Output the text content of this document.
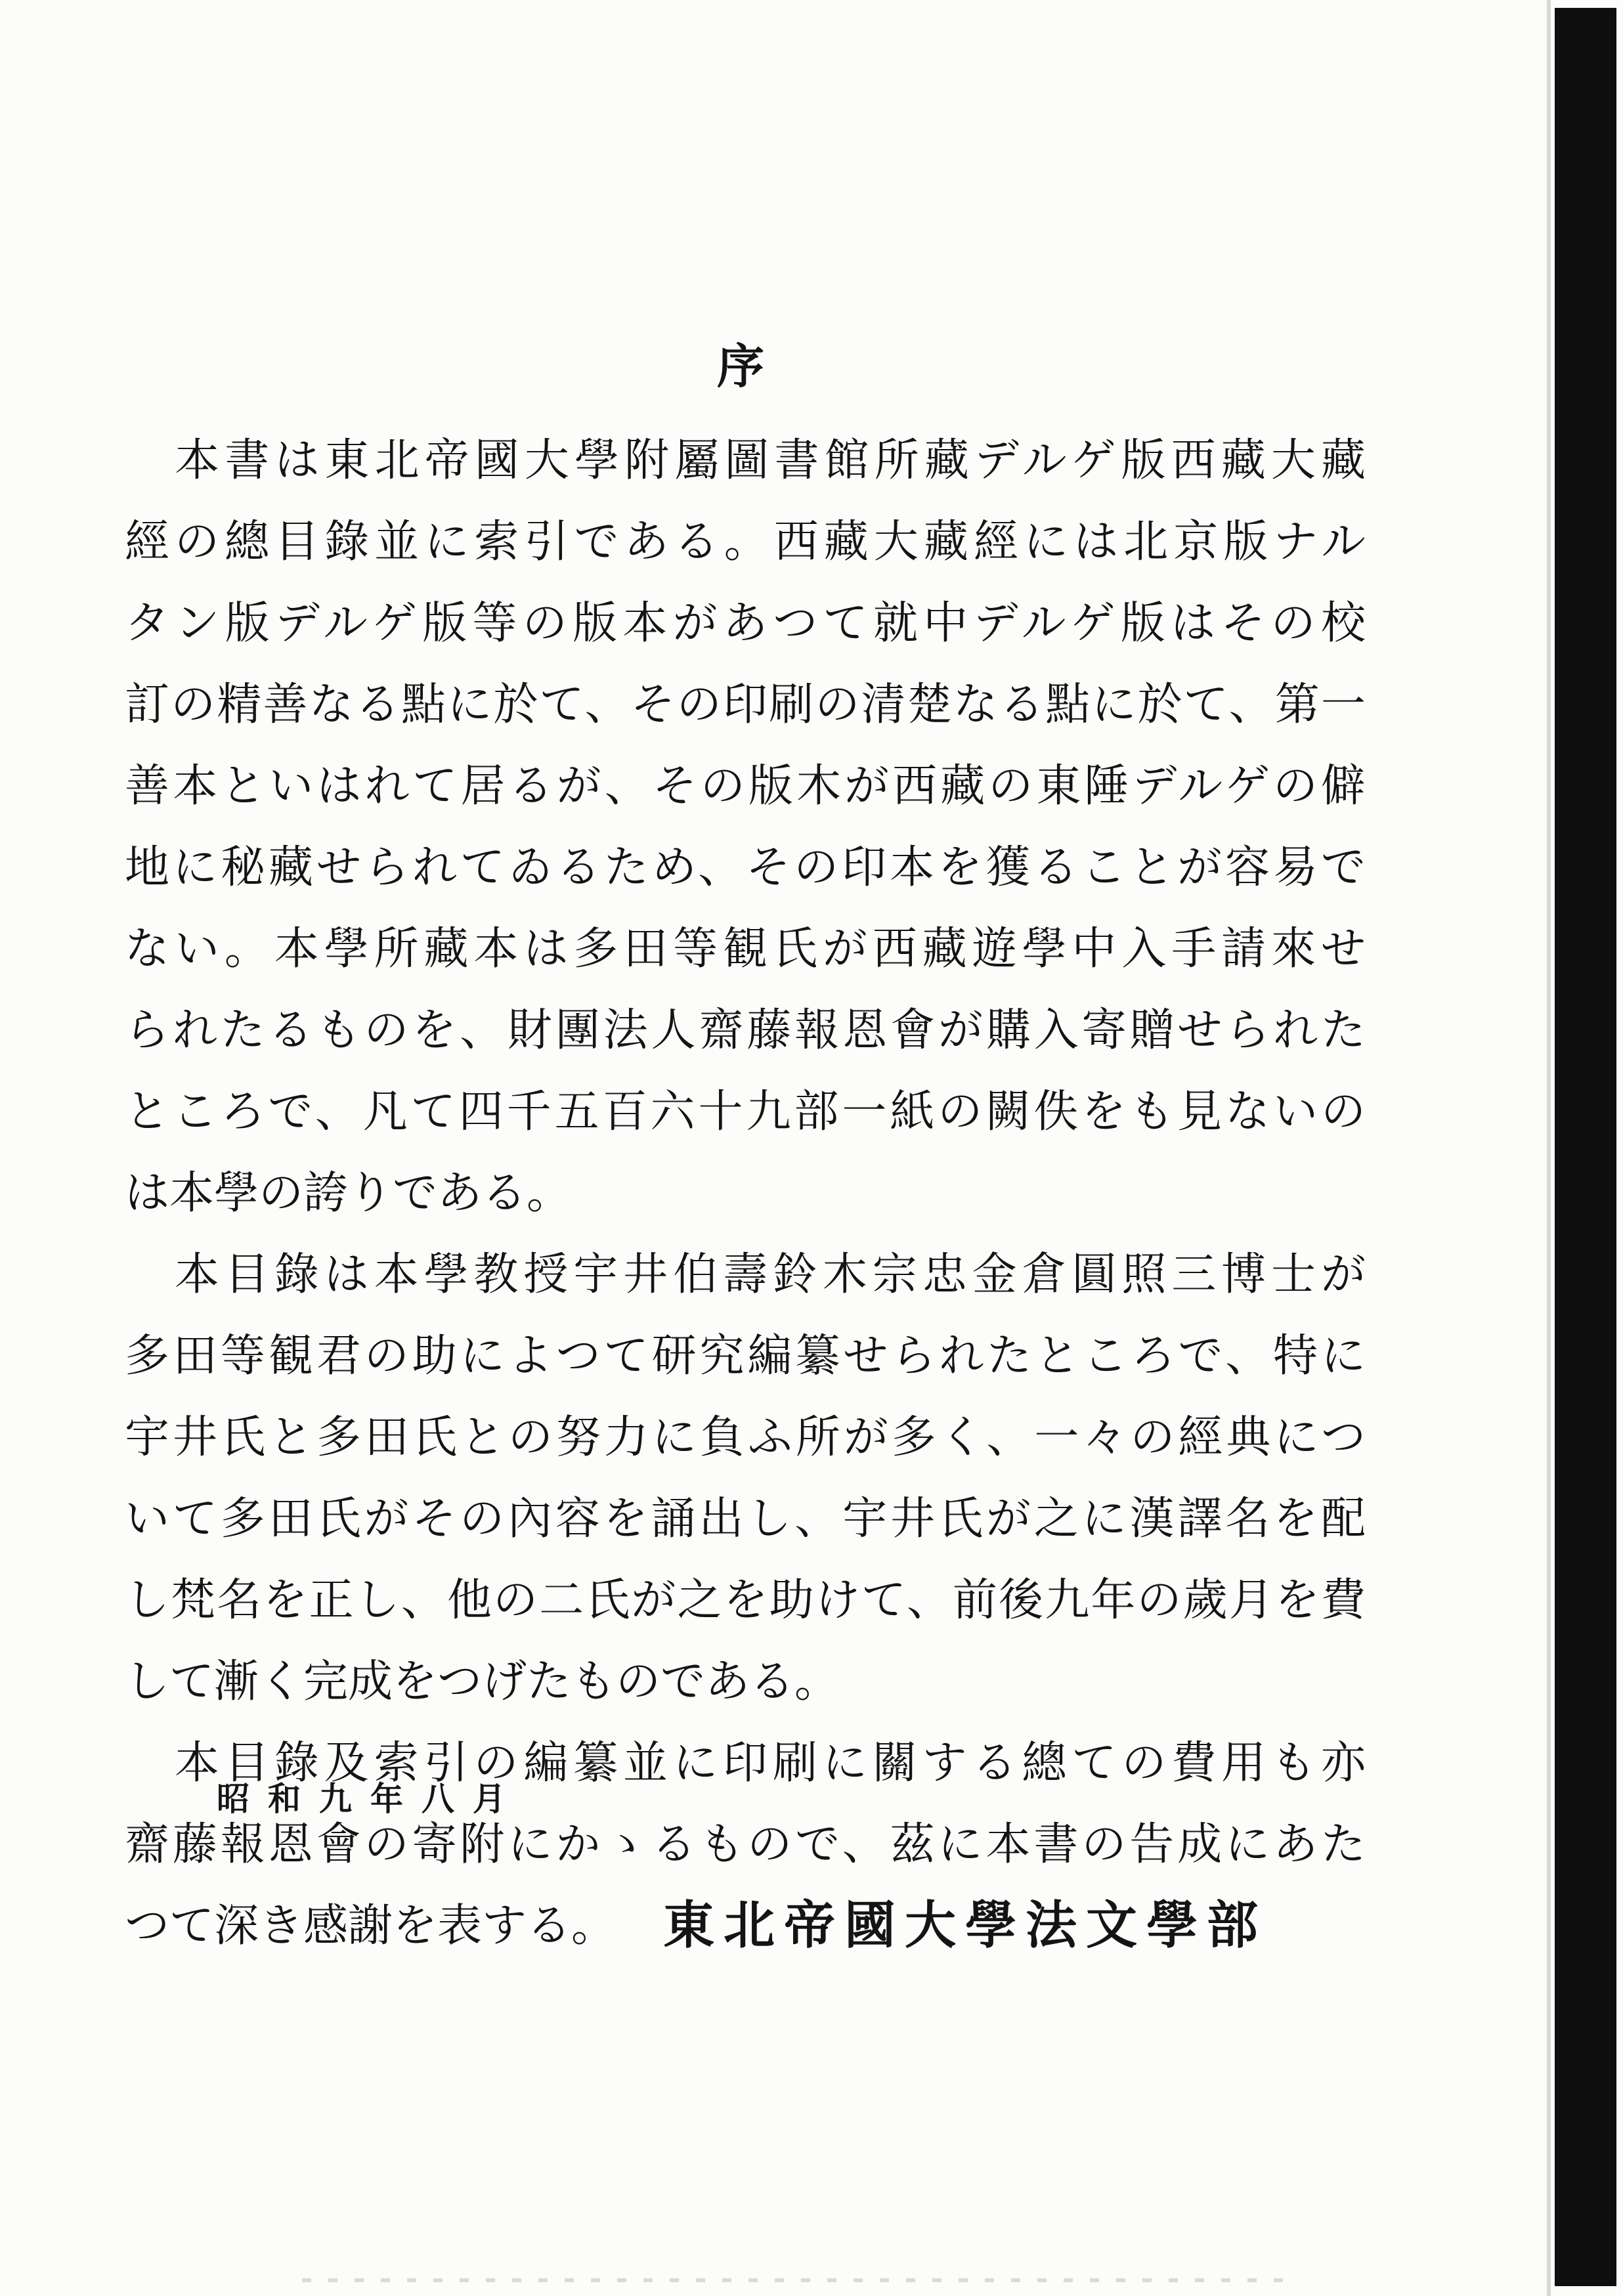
序
　本書は東北帝國大學附屬圖書館所藏デルゲ版西藏大藏
經の總目錄並に索引である。西藏大藏經には北京版ナル
タン版デルゲ版等の版本があつて就中デルゲ版はその校
訂の精善なる點に於て、その印刷の清楚なる點に於て、第一
善本といはれて居るが、その版木が西藏の東陲デルゲの僻
地に秘藏せられてゐるため、その印本を獲ることが容易で
ない。本學所藏本は多田等観氏が西藏遊學中入手請來せ
られたるものを、財團法人齋藤報恩會が購入寄贈せられた
ところで、凡て四千五百六十九部一紙の闕佚をも見ないの
は本學の誇りである。
　本目錄は本學教授宇井伯壽鈴木宗忠金倉圓照三博士が
多田等観君の助によつて研究編纂せられたところで、特に
宇井氏と多田氏との努力に負ふ所が多く、一々の經典につ
いて多田氏がその內容を誦出し、宇井氏が之に漢譯名を配
し梵名を正し、他の二氏が之を助けて、前後九年の歲月を費
して漸く完成をつげたものである。
　本目錄及索引の編纂並に印刷に關する總ての費用も亦
齋藤報恩會の寄附にかゝるもので、茲に本書の告成にあた
つて深き感謝を表する。
昭和九年八月
東北帝國大學法文學部
